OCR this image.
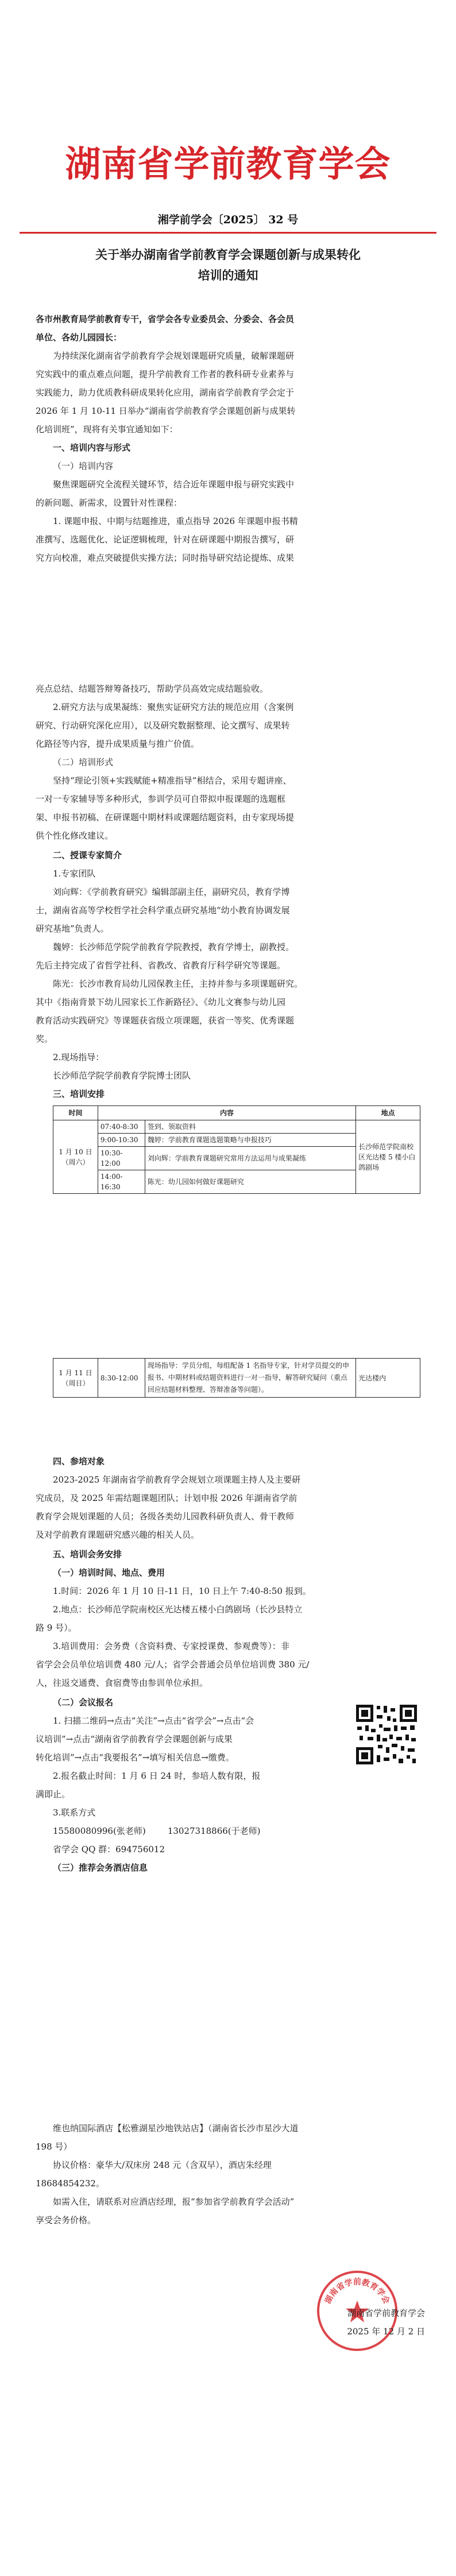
湖南省学前教育学会
湘学前学会〔2025〕 32 号
关于举办湖南省学前教育学会课题创新与成果转化
培训的通知
各市州教育局学前教育专干，省学会各专业委员会、分委会、各会员
单位、各幼儿园园长：
为持续深化湖南省学前教育学会规划课题研究质量，破解课题研
究实践中的重点难点问题，提升学前教育工作者的教科研专业素养与
实践能力，助力优质教科研成果转化应用，湖南省学前教育学会定于
2026 年 1 月 10-11 日举办“湖南省学前教育学会课题创新与成果转
化培训班”，现将有关事宜通知如下：
一、培训内容与形式
（一）培训内容
聚焦课题研究全流程关键环节，结合近年课题申报与研究实践中
的新问题、新需求，设置针对性课程：
1. 课题申报、中期与结题推进，重点指导 2026 年课题申报书精
准撰写、选题优化、论证逻辑梳理，针对在研课题中期报告撰写，研
究方向校准，难点突破提供实操方法；同时指导研究结论提炼、成果
亮点总结、结题答辩筹备技巧，帮助学员高效完成结题验收。
2.研究方法与成果凝练：聚焦实证研究方法的规范应用（含案例
研究、行动研究深化应用），以及研究数据整理、论文撰写、成果转
化路径等内容，提升成果质量与推广价值。
（二）培训形式
坚持“理论引领+实践赋能+精准指导”相结合，采用专题讲座、
一对一专家辅导等多种形式，参训学员可自带拟申报课题的选题框
架、申报书初稿、在研课题中期材料或课题结题资料，由专家现场提
供个性化修改建议。
二、授课专家简介
1.专家团队
刘向辉：《学前教育研究》编辑部副主任，副研究员，教育学博
士，湖南省高等学校哲学社会科学重点研究基地“幼小教育协调发展
研究基地”负责人。
魏婷：长沙师范学院学前教育学院教授，教育学博士，副教授。
先后主持完成了省哲学社科、省教改、省教育厅科学研究等课题。
陈光：长沙市教育局幼儿园保教主任，主持并参与多项课题研究。
其中《指南背景下幼儿园家长工作新路径》、《幼儿文赛参与幼儿园
教育活动实践研究》等课题获省级立项课题，获省一等奖、优秀课题
奖。
2.现场指导：
长沙师范学院学前教育学院博士团队
三、培训安排
时间	内容		地点
1 月 10 日（周六）	07:40-8:30	签到、领取资料	长沙师范学院南校区光达楼 5 楼小白鸽剧场
	9:00-10:30	魏婷：学前教育课题选题策略与申报技巧	
	10:30-12:00	刘向辉：学前教育课题研究常用方法运用与成果凝练	
	14:00-16:30	陈光：幼儿园如何做好课题研究	
1 月 11 日（周日）	8:30-12:00	现场指导：学员分组，每组配备 1 名指导专家，针对学员提交的申报书、中期材料或结题资料进行一对一指导，解答研究疑问（重点回应结题材料整理、答辩准备等问题）。	光达楼内
四、参培对象
2023-2025 年湖南省学前教育学会规划立项课题主持人及主要研
究成员，及 2025 年需结题课题团队；计划申报 2026 年湖南省学前
教育学会规划课题的人员；各级各类幼儿园教科研负责人、骨干教师
及对学前教育课题研究感兴趣的相关人员。
五、培训会务安排
（一）培训时间、地点、费用
1.时间：2026 年 1 月 10 日-11 日，10 日上午 7:40-8:50 报到。
2.地点：长沙师范学院南校区光达楼五楼小白鸽剧场（长沙县特立
路 9 号）。
3.培训费用：会务费（含资料费、专家授课费、参观费等）：非
省学会会员单位培训费 480 元/人；省学会普通会员单位培训费 380 元/
人，往返交通费、食宿费等由参训单位承担。
（二）会议报名
1. 扫描二维码→点击“关注”→点击“省学会”→点击“会
议培训”→点击“湖南省学前教育学会课题创新与成果
转化培训”→点击“我要报名”→填写相关信息→缴费。
2.报名截止时间：1 月 6 日 24 时，参培人数有限，报
满即止。
3.联系方式
15580080996(张老师)        13027318866(于老师)
省学会 QQ 群：694756012
（三）推荐会务酒店信息
维也纳国际酒店【松雅湖星沙地铁站店】（湖南省长沙市星沙大道
198 号）
协议价格：豪华大/双床房 248 元（含双早），酒店朱经理
18684854232。
如需入住，请联系对应酒店经理，报“参加省学前教育学会活动”
享受会务价格。
湖南省学前教育学会
湖南省学前教育学会
2025 年 12 月 2 日
